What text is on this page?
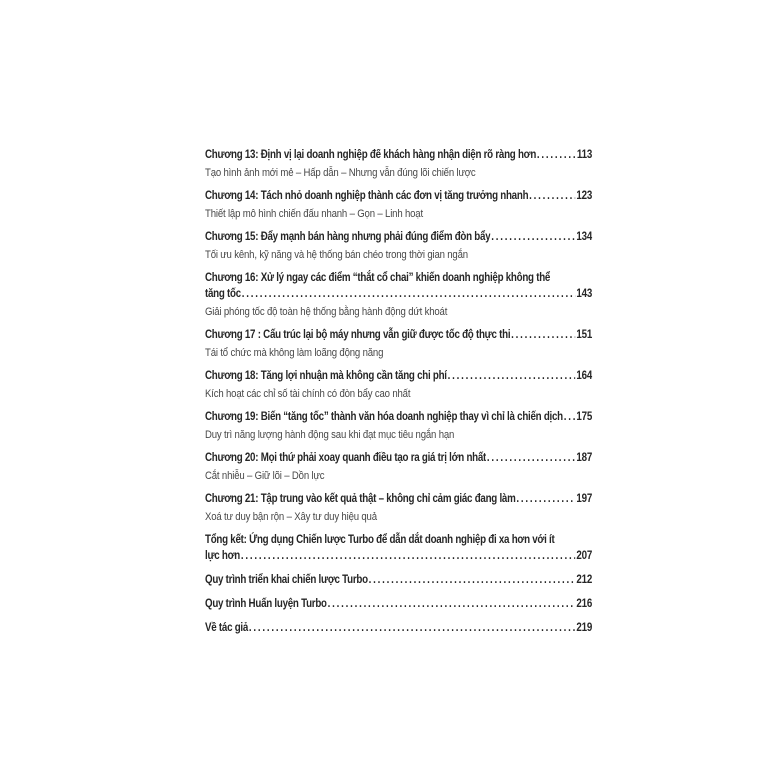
Chương 13: Định vị lại doanh nghiệp để khách hàng nhận diện rõ ràng hơn .....	113
Tạo hình ảnh mới mẻ – Hấp dẫn – Nhưng vẫn đúng lõi chiến lược
Chương 14: Tách nhỏ doanh nghiệp thành các đơn vị tăng trưởng nhanh .....	123
Thiết lập mô hình chiến đấu nhanh – Gọn – Linh hoạt
Chương 15: Đẩy mạnh bán hàng nhưng phải đúng điểm đòn bẩy .....	134
Tối ưu kênh, kỹ năng và hệ thống bán chéo trong thời gian ngắn
Chương 16: Xử lý ngay các điểm “thắt cổ chai” khiến doanh nghiệp không thể
tăng tốc .....	143
Giải phóng tốc độ toàn hệ thống bằng hành động dứt khoát
Chương 17 : Cấu trúc lại bộ máy nhưng vẫn giữ được tốc độ thực thi .....	151
Tái tổ chức mà không làm loãng động năng
Chương 18: Tăng lợi nhuận mà không cần tăng chi phí .....	164
Kích hoạt các chỉ số tài chính có đòn bẩy cao nhất
Chương 19: Biến “tăng tốc” thành văn hóa doanh nghiệp thay vì chỉ là chiến dịch ..... 175
Duy trì năng lượng hành động sau khi đạt mục tiêu ngắn hạn
Chương 20: Mọi thứ phải xoay quanh điều tạo ra giá trị lớn nhất .....	187
Cắt nhiễu – Giữ lõi – Dồn lực
Chương 21: Tập trung vào kết quả thật – không chỉ cảm giác đang làm .....	197
Xoá tư duy bận rộn – Xây tư duy hiệu quả
Tổng kết: Ứng dụng Chiến lược Turbo để dẫn dắt doanh nghiệp đi xa hơn với ít
lực hơn .....	207
Quy trình triển khai chiến lược Turbo .....	212
Quy trình Huấn luyện Turbo .....	216
Về tác giả .....	219
